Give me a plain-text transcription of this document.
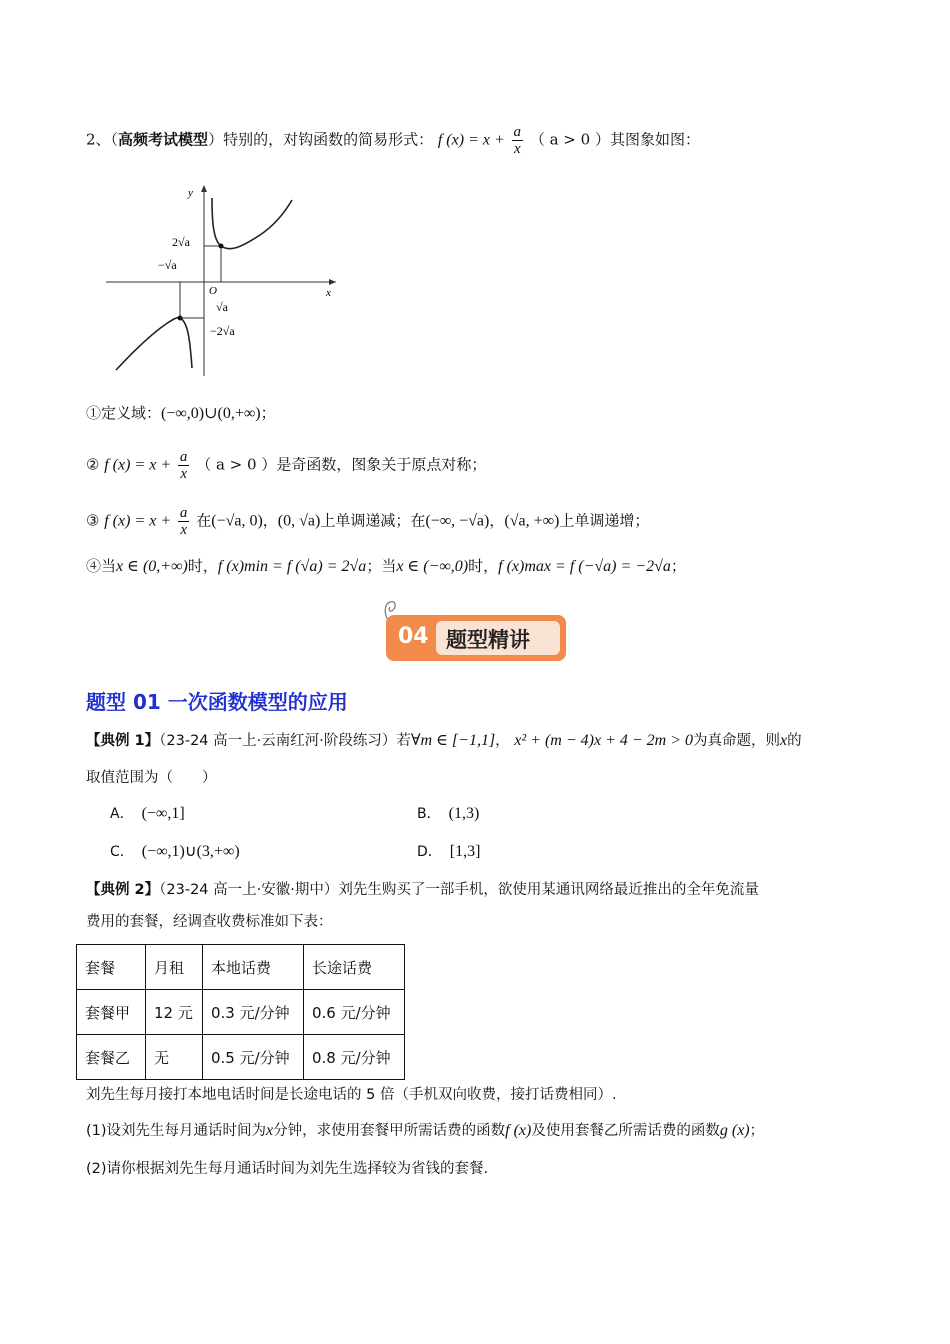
2、（高频考试模型）特别的，对钩函数的简易形式： f $(x) = x + \frac{a}{x}$ （ a > 0 ）其图象如图：
y
x
O
2√a
−√a
√a
−2√a
①定义域：(−∞,0)∪(0,+∞)；
② f $(x) = x + \frac{a}{x}$ （ a > 0 ）是奇函数，图象关于原点对称；
③ f $(x) = x + \frac{a}{x}$ 在(−√a, 0)，(0, √a)上单调递减；在(−∞, −√a)，(√a, +∞)上单调递增；
④当x ∈ (0,+∞)时，f (x)min = f (√a) = 2√a；当x ∈ (−∞,0)时，f (x)max = f (−√a) = −2√a；
04 题型精讲
题型 01 一次函数模型的应用
【典例 1】（23-24 高一上·云南红河·阶段练习）若∀m ∈ [−1,1]， x² + (m − 4)x + 4 − 2m > 0为真命题，则x的
取值范围为（　　）
A． (−∞,1]	B． (1,3)
C． (−∞,1)∪(3,+∞)	D． [1,3]
【典例 2】（23-24 高一上·安徽·期中）刘先生购买了一部手机，欲使用某通讯网络最近推出的全年免流量
费用的套餐，经调查收费标准如下表：
套餐	月租	本地话费	长途话费
套餐甲	12 元	0.3 元/分钟	0.6 元/分钟
套餐乙	无	0.5 元/分钟	0.8 元/分钟
刘先生每月接打本地电话时间是长途电话的 5 倍（手机双向收费，接打话费相同）.
(1)设刘先生每月通话时间为x分钟，求使用套餐甲所需话费的函数f (x)及使用套餐乙所需话费的函数g (x)；
(2)请你根据刘先生每月通话时间为刘先生选择较为省钱的套餐.
